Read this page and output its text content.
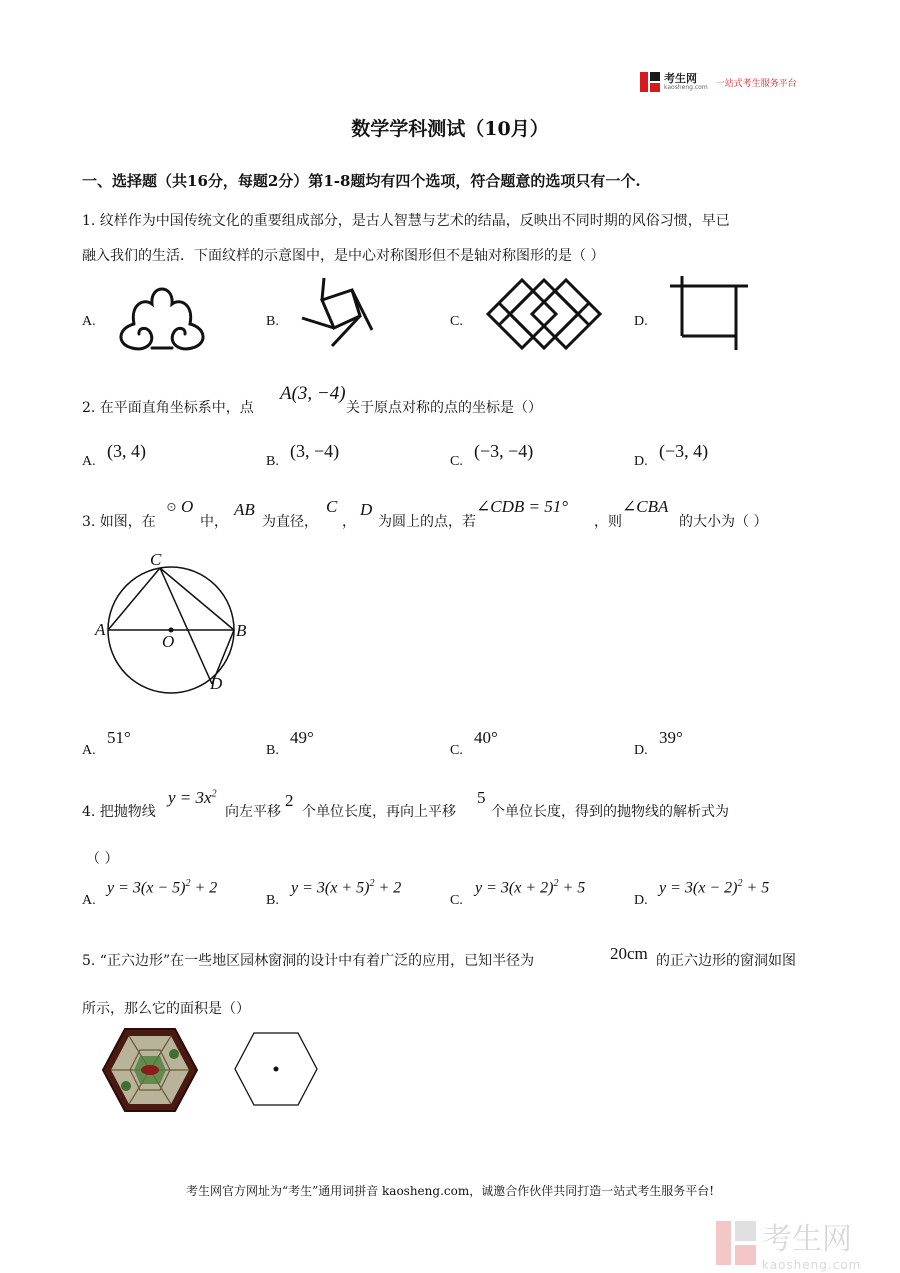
考生网
kaosheng.com 一站式考生服务平台
数学学科测试（10月）
一、选择题（共16分，每题2分）第1-8题均有四个选项，符合题意的选项只有一个.
1. 纹样作为中国传统文化的重要组成部分，是古人智慧与艺术的结晶，反映出不同时期的风俗习惯，早已
融入我们的生活．下面纹样的示意图中，是中心对称图形但不是轴对称图形的是（ ）
A.	B.	C.	D.
2. 在平面直角坐标系中，点
A(3, −4)
关于原点对称的点的坐标是（）
A.
(3, 4)
B.
(3, −4)
C.
(−3, −4)
D.
(−3, 4)
3. 如图，在
⊙ O
中，
AB
为直径，
C
，
D
为圆上的点，若
∠CDB = 51°
，则
∠CBA
的大小为（ ）
C
A	B
O
D
A.
51°
B.
49°
C.
40°
D.
39°
4. 把抛物线
$y = 3x^2$
向左平移
2
个单位长度，再向上平移
5
个单位长度，得到的抛物线的解析式为
（ ）
A.
$y = 3(x - 5)^2 + 2$
B.
$y = 3(x + 5)^2 + 2$
C.
$y = 3(x + 2)^2 + 5$
D.
$y = 3(x - 2)^2 + 5$
5. “正六边形”在一些地区园林窗洞的设计中有着广泛的应用，已知半径为	20cm 的正六边形的窗洞如图
所示，那么它的面积是（）
考生网官方网址为“考生”通用词拼音 kaosheng.com，诚邀合作伙伴共同打造一站式考生服务平台!
考生网
kaosheng.com
